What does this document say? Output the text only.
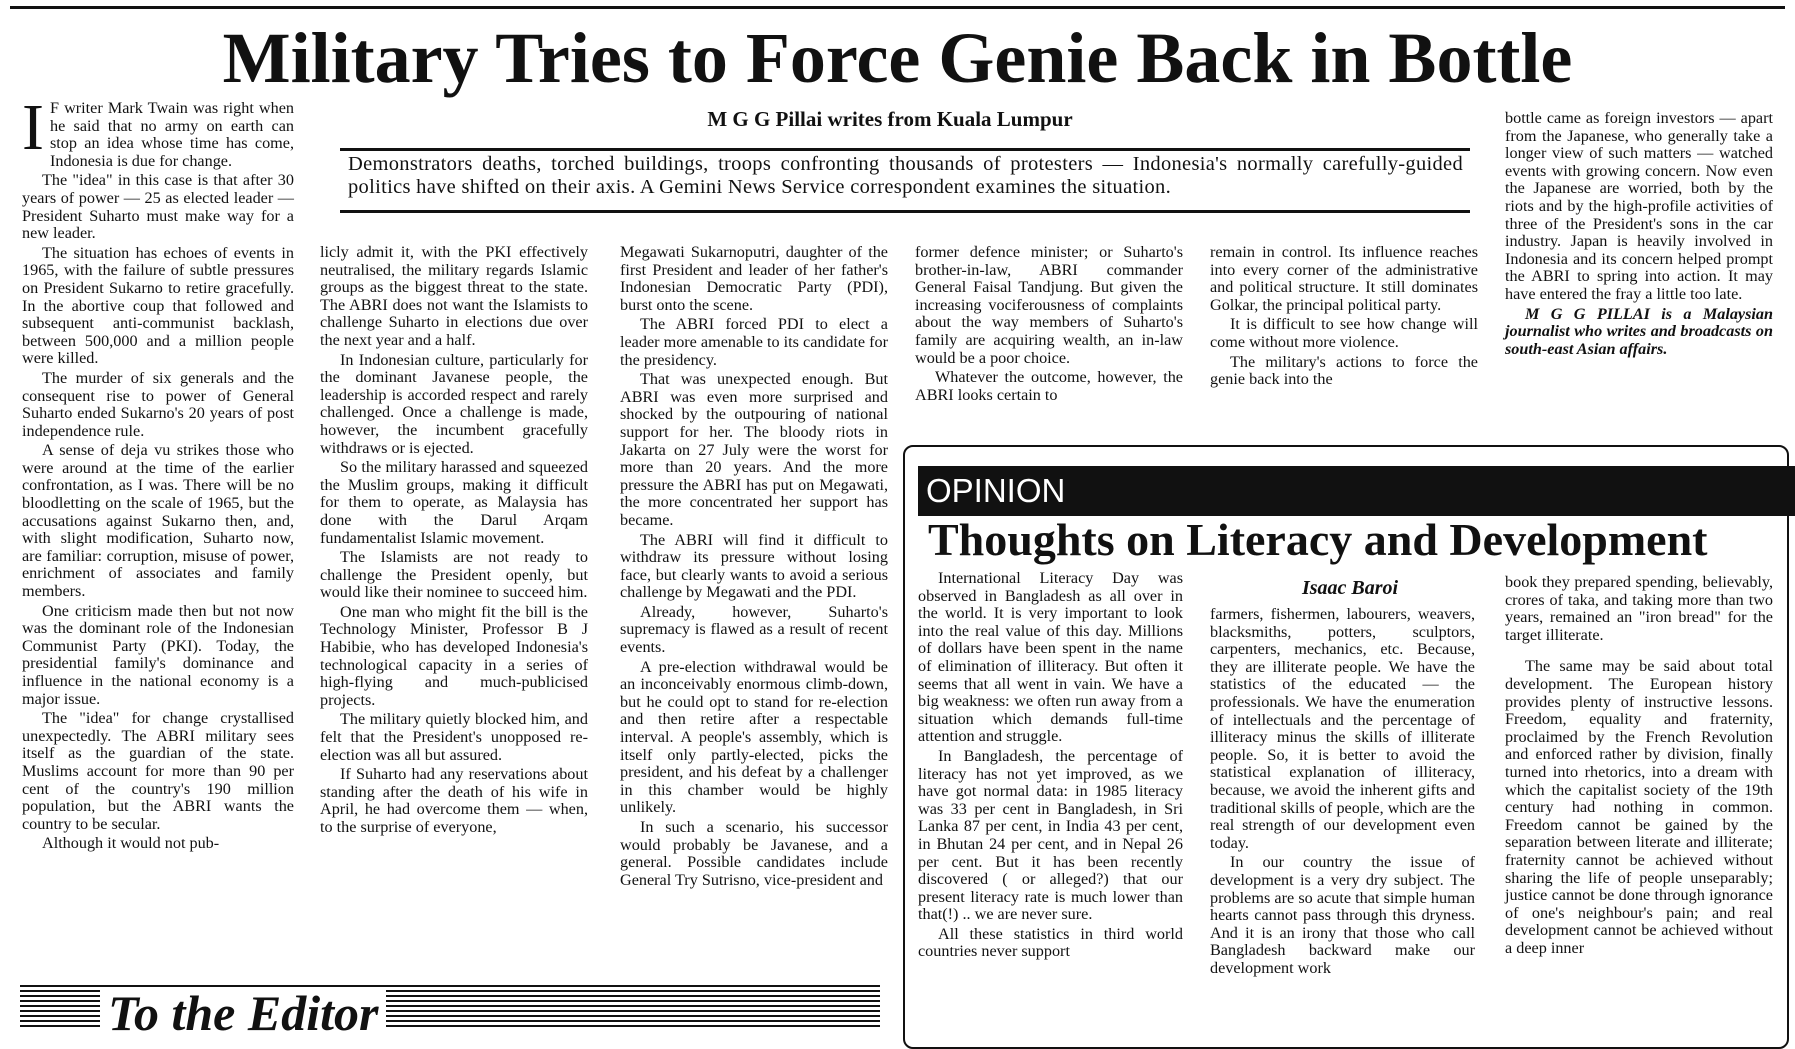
Military Tries to Force Genie Back in Bottle
M G G Pillai writes from Kuala Lumpur
Demonstrators deaths, torched buildings, troops confronting thousands of protesters — Indonesia's normally carefully-guided politics have shifted on their axis. A Gemini News Service correspondent examines the situation.
I F writer Mark Twain was right when he said that no army on earth can stop an idea whose time has come, Indonesia is due for change.

The "idea" in this case is that after 30 years of power — 25 as elected leader — President Suharto must make way for a new leader.

The situation has echoes of events in 1965, with the failure of subtle pressures on President Sukarno to retire gracefully. In the abortive coup that followed and subsequent anti-communist backlash, between 500,000 and a million people were killed.

The murder of six generals and the consequent rise to power of General Suharto ended Sukarno's 20 years of post independence rule.

A sense of deja vu strikes those who were around at the time of the earlier confrontation, as I was. There will be no bloodletting on the scale of 1965, but the accusations against Sukarno then, and, with slight modification, Suharto now, are familiar: corruption, misuse of power, enrichment of associates and family members.

One criticism made then but not now was the dominant role of the Indonesian Communist Party (PKI). Today, the presidential family's dominance and influence in the national economy is a major issue.

The "idea" for change crystallised unexpectedly. The ABRI military sees itself as the guardian of the state. Muslims account for more than 90 per cent of the country's 190 million population, but the ABRI wants the country to be secular.

Although it would not pub-

licly admit it, with the PKI effectively neutralised, the military regards Islamic groups as the biggest threat to the state. The ABRI does not want the Islamists to challenge Suharto in elections due over the next year and a half.

In Indonesian culture, particularly for the dominant Javanese people, the leadership is accorded respect and rarely challenged. Once a challenge is made, however, the incumbent gracefully withdraws or is ejected.

So the military harassed and squeezed the Muslim groups, making it difficult for them to operate, as Malaysia has done with the Darul Arqam fundamentalist Islamic movement.

The Islamists are not ready to challenge the President openly, but would like their nominee to succeed him.

One man who might fit the bill is the Technology Minister, Professor B J Habibie, who has developed Indonesia's technological capacity in a series of high-flying and much-publicised projects.

The military quietly blocked him, and felt that the President's unopposed re-election was all but assured.

If Suharto had any reservations about standing after the death of his wife in April, he had overcome them — when, to the surprise of everyone,

Megawati Sukarnoputri, daughter of the first President and leader of her father's Indonesian Democratic Party (PDI), burst onto the scene.

The ABRI forced PDI to elect a leader more amenable to its candidate for the presidency.

That was unexpected enough. But ABRI was even more surprised and shocked by the outpouring of national support for her. The bloody riots in Jakarta on 27 July were the worst for more than 20 years. And the more pressure the ABRI has put on Megawati, the more concentrated her support has became.

The ABRI will find it difficult to withdraw its pressure without losing face, but clearly wants to avoid a serious challenge by Megawati and the PDI.

Already, however, Suharto's supremacy is flawed as a result of recent events.

A pre-election withdrawal would be an inconceivably enormous climb-down, but he could opt to stand for re-election and then retire after a respectable interval. A people's assembly, which is itself only partly-elected, picks the president, and his defeat by a challenger in this chamber would be highly unlikely.

In such a scenario, his successor would probably be Javanese, and a general. Possible candidates include General Try Sutrisno, vice-president and

former defence minister; or Suharto's brother-in-law, ABRI commander General Faisal Tandjung. But given the increasing vociferousness of complaints about the way members of Suharto's family are acquiring wealth, an in-law would be a poor choice.

Whatever the outcome, however, the ABRI looks certain to

remain in control. Its influence reaches into every corner of the administrative and political structure. It still dominates Golkar, the principal political party.

It is difficult to see how change will come without more violence.

The military's actions to force the genie back into the

bottle came as foreign investors — apart from the Japanese, who generally take a longer view of such matters — watched events with growing concern. Now even the Japanese are worried, both by the riots and by the high-profile activities of three of the President's sons in the car industry. Japan is heavily involved in Indonesia and its concern helped prompt the ABRI to spring into action. It may have entered the fray a little too late.

M G G PILLAI is a Malaysian journalist who writes and broadcasts on south-east Asian affairs.

OPINION
Thoughts on Literacy and Development
Isaac Baroi

International Literacy Day was observed in Bangladesh as all over in the world. It is very important to look into the real value of this day. Millions of dollars have been spent in the name of elimination of illiteracy. But often it seems that all went in vain. We have a big weakness: we often run away from a situation which demands full-time attention and struggle.

In Bangladesh, the percentage of literacy has not yet improved, as we have got normal data: in 1985 literacy was 33 per cent in Bangladesh, in Sri Lanka 87 per cent, in India 43 per cent, in Bhutan 24 per cent, and in Nepal 26 per cent. But it has been recently discovered ( or alleged?) that our present literacy rate is much lower than that(!) .. we are never sure.

All these statistics in third world countries never support

farmers, fishermen, labourers, weavers, blacksmiths, potters, sculptors, carpenters, mechanics, etc. Because, they are illiterate people. We have the statistics of the educated — the professionals. We have the enumeration of intellectuals and the percentage of illiteracy minus the skills of illiterate people. So, it is better to avoid the statistical explanation of illiteracy, because, we avoid the inherent gifts and traditional skills of people, which are the real strength of our development even today.

In our country the issue of development is a very dry subject. The problems are so acute that simple human hearts cannot pass through this dryness. And it is an irony that those who call Bangladesh backward make our development work

book they prepared spending, believably, crores of taka, and taking more than two years, remained an "iron bread" for the target illiterate.

The same may be said about total development. The European history provides plenty of instructive lessons. Freedom, equality and fraternity, proclaimed by the French Revolution and enforced rather by division, finally turned into rhetorics, into a dream with which the capitalist society of the 19th century had nothing in common. Freedom cannot be gained by the separation between literate and illiterate; fraternity cannot be achieved without sharing the life of people unseparably; justice cannot be done through ignorance of one's neighbour's pain; and real development cannot be achieved without a deep inner

To the Editor
